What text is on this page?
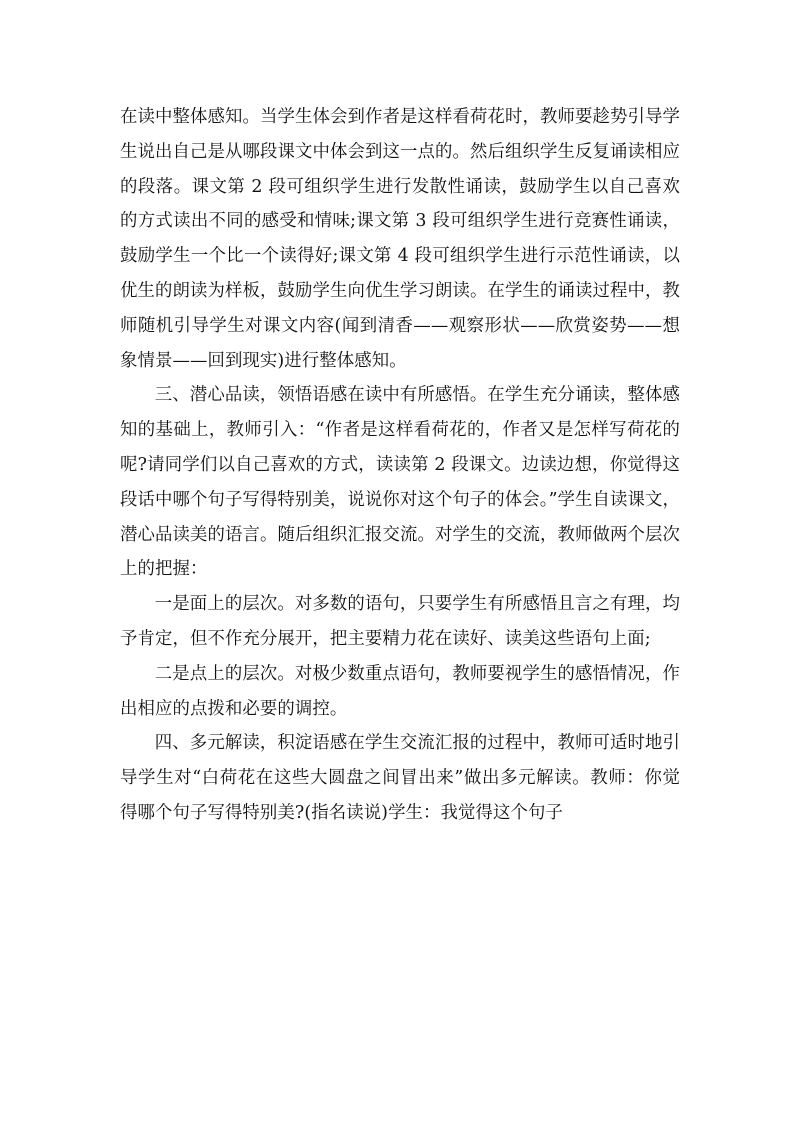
在读中整体感知。当学生体会到作者是这样看荷花时，教师要趁势引导学生说出自己是从哪段课文中体会到这一点的。然后组织学生反复诵读相应的段落。课文第 2 段可组织学生进行发散性诵读，鼓励学生以自己喜欢的方式读出不同的感受和情味;课文第 3 段可组织学生进行竞赛性诵读，鼓励学生一个比一个读得好;课文第 4 段可组织学生进行示范性诵读，以优生的朗读为样板，鼓励学生向优生学习朗读。在学生的诵读过程中，教师随机引导学生对课文内容(闻到清香——观察形状——欣赏姿势——想象情景——回到现实)进行整体感知。

三、潜心品读，领悟语感在读中有所感悟。在学生充分诵读，整体感知的基础上，教师引入：“作者是这样看荷花的，作者又是怎样写荷花的呢?请同学们以自己喜欢的方式，读读第 2 段课文。边读边想，你觉得这段话中哪个句子写得特别美，说说你对这个句子的体会。”学生自读课文，潜心品读美的语言。随后组织汇报交流。对学生的交流，教师做两个层次上的把握：

一是面上的层次。对多数的语句，只要学生有所感悟且言之有理，均予肯定，但不作充分展开，把主要精力花在读好、读美这些语句上面;

二是点上的层次。对极少数重点语句，教师要视学生的感悟情况，作出相应的点拨和必要的调控。

四、多元解读，积淀语感在学生交流汇报的过程中，教师可适时地引导学生对“白荷花在这些大圆盘之间冒出来”做出多元解读。教师：你觉得哪个句子写得特别美?(指名读说)学生：我觉得这个句子
